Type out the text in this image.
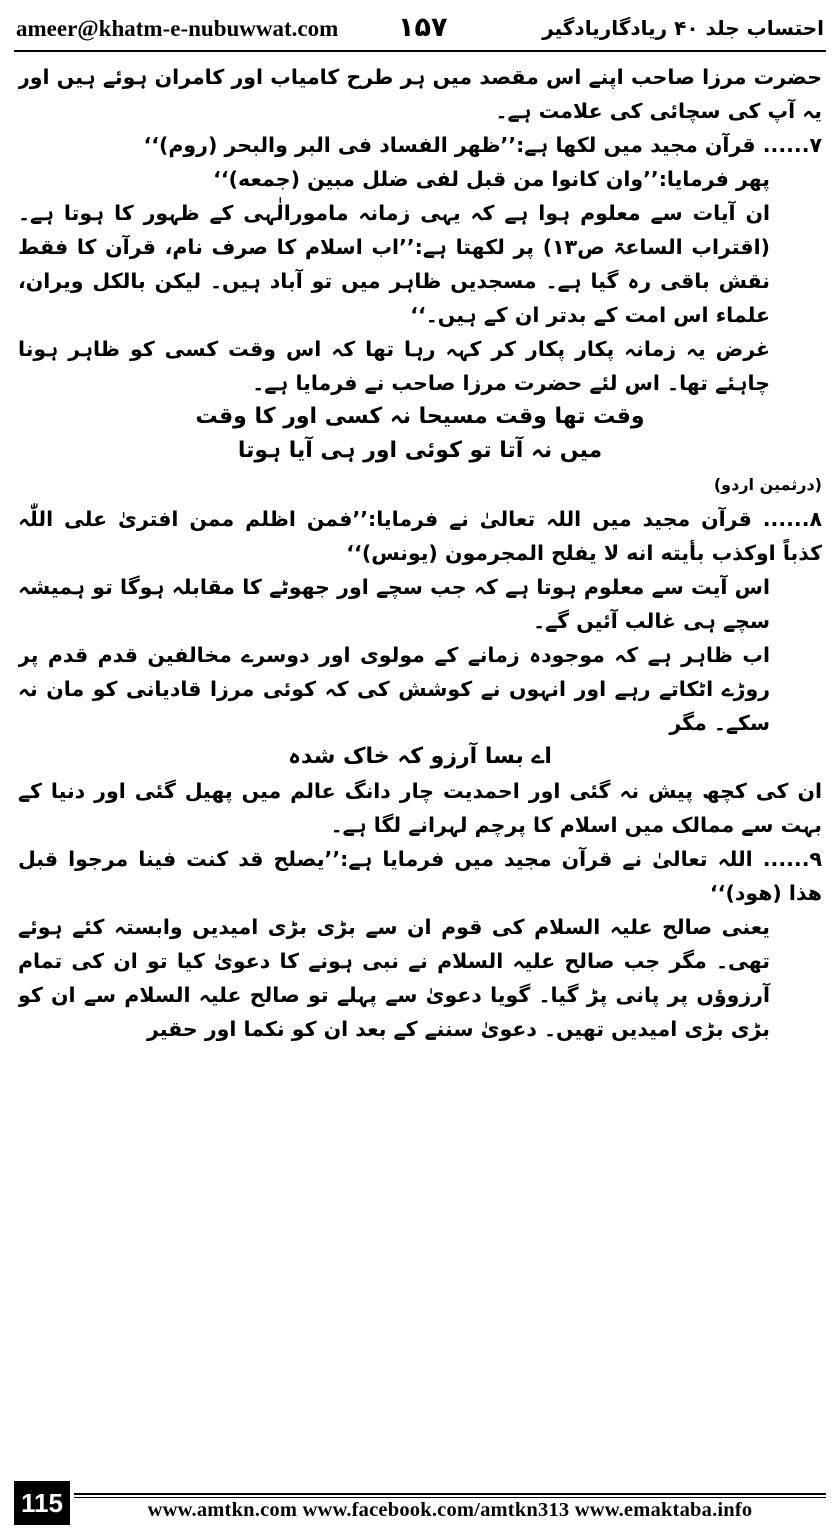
ameer@khatm-e-nubuwwat.com ۱۵۷	احتساب جلد ۴۰ ریادگاریادگیر

حضرت مرزا صاحب اپنے اس مقصد میں ہر طرح کامیاب اور کامران ہوئے ہیں اور یہ آپ کی سچائی کی علامت ہے۔

۷...... قرآن مجید میں لکھا ہے:’’ظھر الفساد فی البر والبحر (روم)‘‘

پھر فرمایا:’’وان کانوا من قبل لفی ضلل مبین (جمعه)‘‘

ان آیات سے معلوم ہوا ہے کہ یہی زمانہ مامورالٰہی کے ظہور کا ہوتا ہے۔(اقتراب الساعۃ ص۱۳) پر لکھتا ہے:’’اب اسلام کا صرف نام، قرآن کا فقط نقش باقی رہ گیا ہے۔ مسجدیں ظاہر میں تو آباد ہیں۔ لیکن بالکل ویران، علماء اس امت کے بدتر ان کے ہیں۔‘‘

غرض یہ زمانہ پکار پکار کر کہہ رہا تھا کہ اس وقت کسی کو ظاہر ہونا چاہئے تھا۔ اس لئے حضرت مرزا صاحب نے فرمایا ہے۔

وقت تھا وقت مسیحا نہ کسی اور کا وقت

میں نہ آتا تو کوئی اور ہی آیا ہوتا

(درثمین اردو)

۸...... قرآن مجید میں اللہ تعالیٰ نے فرمایا:’’فمن اظلم ممن افتریٰ علی اللّٰہ کذباً اوکذب بأیته انه لا یفلح المجرمون (یونس)‘‘

اس آیت سے معلوم ہوتا ہے کہ جب سچے اور جھوٹے کا مقابلہ ہوگا تو ہمیشہ سچے ہی غالب آئیں گے۔

اب ظاہر ہے کہ موجودہ زمانے کے مولوی اور دوسرے مخالفین قدم قدم پر روڑے اٹکاتے رہے اور انہوں نے کوشش کی کہ کوئی مرزا قادیانی کو مان نہ سکے۔ مگر

اے بسا آرزو کہ خاک شدہ

ان کی کچھ پیش نہ گئی اور احمدیت چار دانگ عالم میں پھیل گئی اور دنیا کے بہت سے ممالک میں اسلام کا پرچم لہرانے لگا ہے۔

۹...... اللہ تعالیٰ نے قرآن مجید میں فرمایا ہے:’’یصلح قد کنت فینا مرجوا قبل هذا (هود)‘‘

یعنی صالح علیہ السلام کی قوم ان سے بڑی بڑی امیدیں وابستہ کئے ہوئے تھی۔ مگر جب صالح علیہ السلام نے نبی ہونے کا دعویٰ کیا تو ان کی تمام آرزوؤں پر پانی پڑ گیا۔ گویا دعویٰ سے پہلے تو صالح علیہ السلام سے ان کو بڑی بڑی امیدیں تھیں۔ دعویٰ سننے کے بعد ان کو نکما اور حقیر

115	www.amtkn.com www.facebook.com/amtkn313 www.emaktaba.info
